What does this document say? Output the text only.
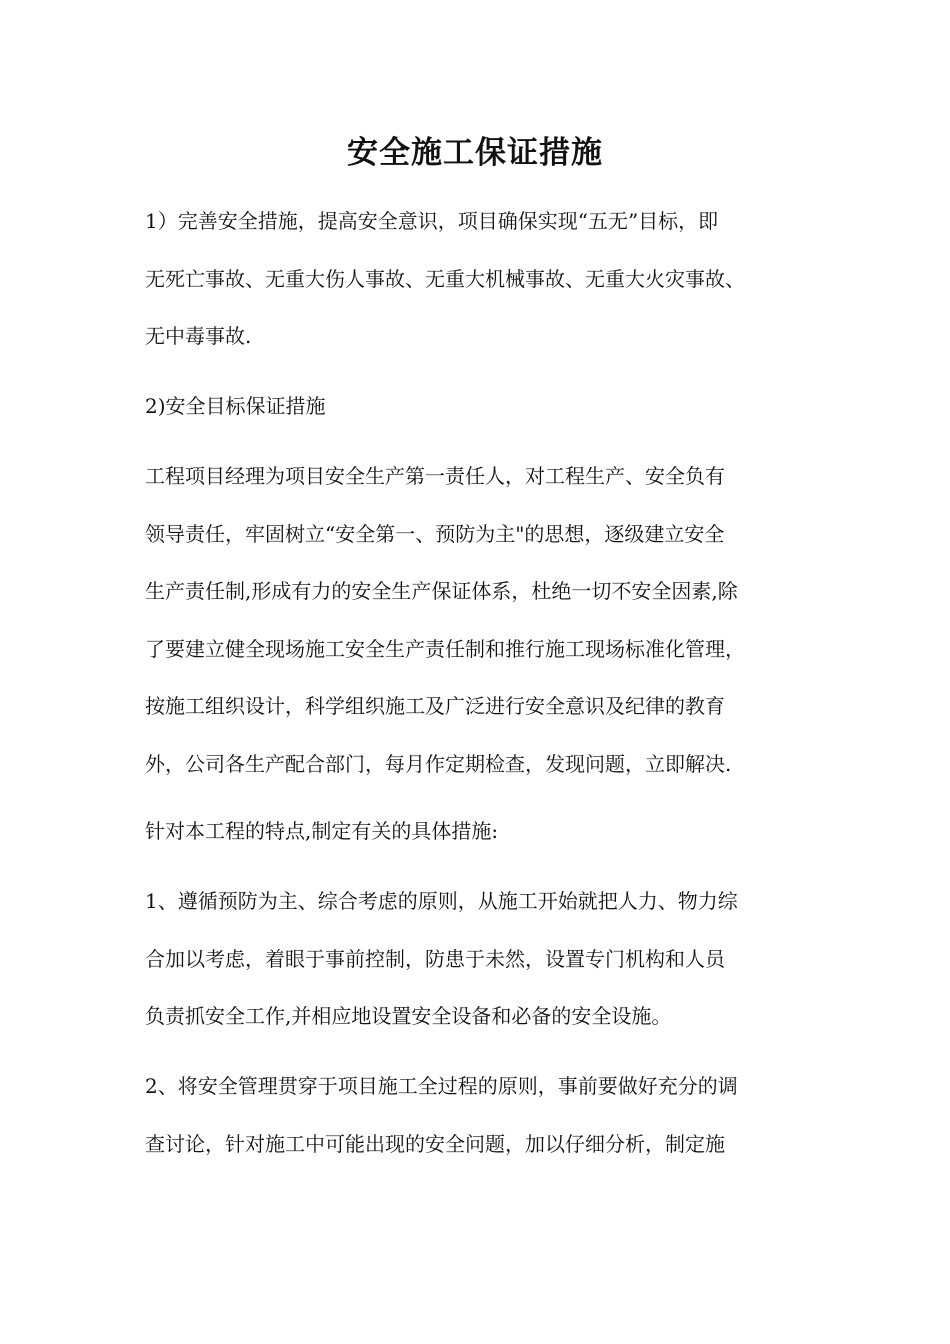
安全施工保证措施
1）完善安全措施，提高安全意识，项目确保实现“五无”目标，即
无死亡事故、无重大伤人事故、无重大机械事故、无重大火灾事故、
无中毒事故.
2)安全目标保证措施
工程项目经理为项目安全生产第一责任人，对工程生产、安全负有
领导责任，牢固树立“安全第一、预防为主"的思想，逐级建立安全
生产责任制,形成有力的安全生产保证体系，杜绝一切不安全因素,除
了要建立健全现场施工安全生产责任制和推行施工现场标准化管理，
按施工组织设计，科学组织施工及广泛进行安全意识及纪律的教育
外，公司各生产配合部门，每月作定期检查，发现问题，立即解决.
针对本工程的特点,制定有关的具体措施:
1、遵循预防为主、综合考虑的原则，从施工开始就把人力、物力综
合加以考虑，着眼于事前控制，防患于未然，设置专门机构和人员
负责抓安全工作,并相应地设置安全设备和必备的安全设施。
2、将安全管理贯穿于项目施工全过程的原则，事前要做好充分的调
查讨论，针对施工中可能出现的安全问题，加以仔细分析，制定施
